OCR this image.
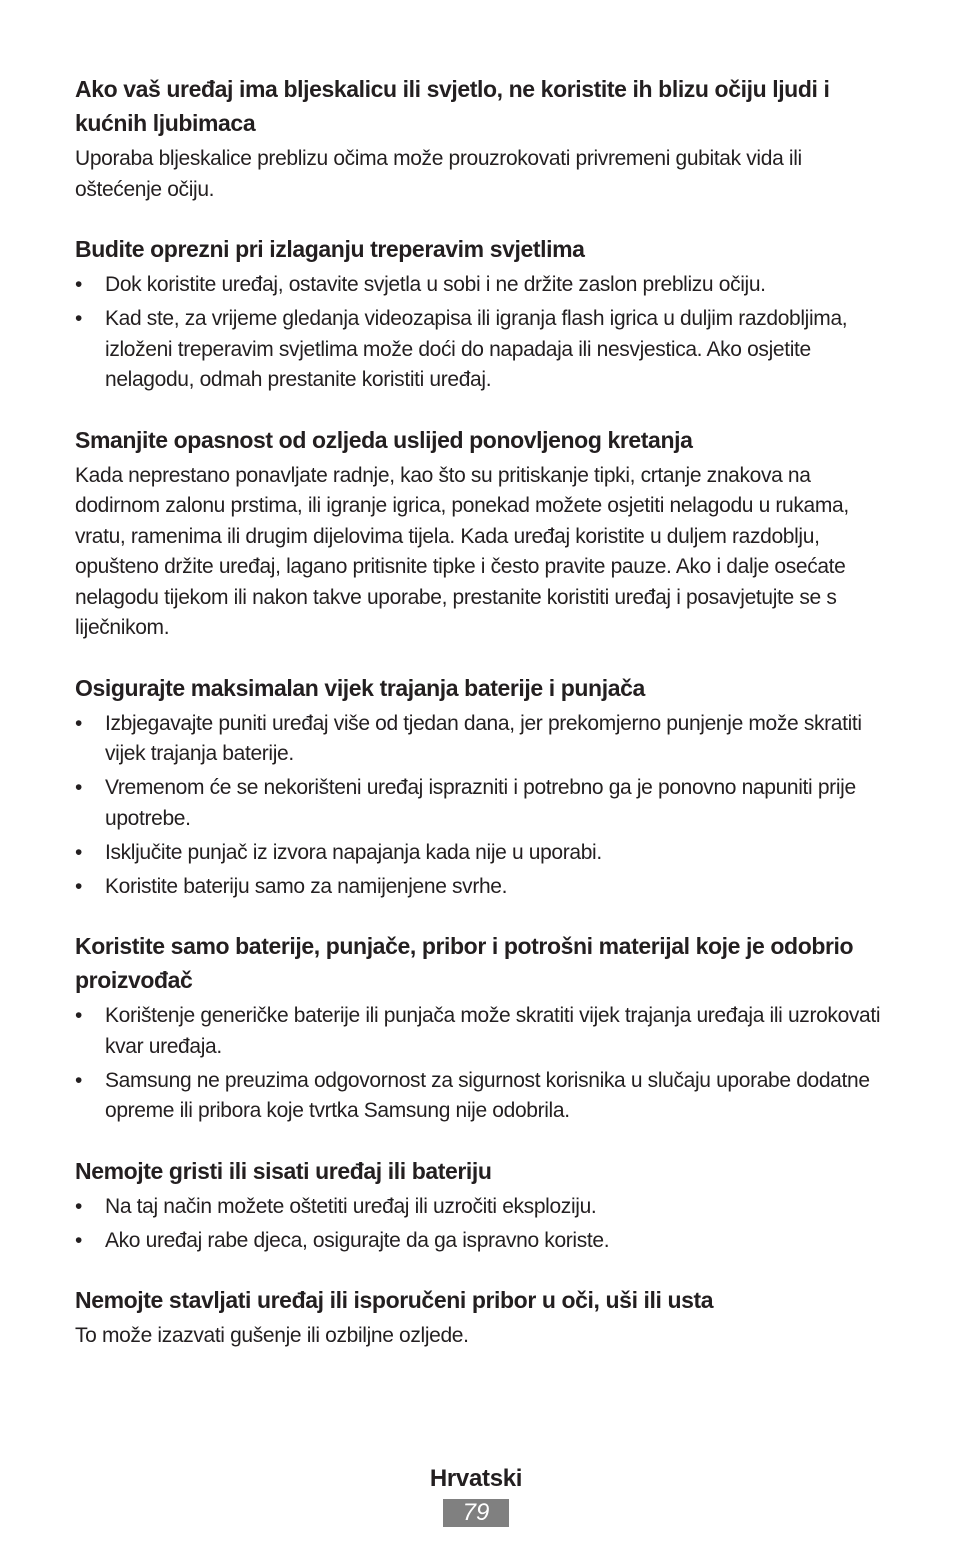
Ako vaš uređaj ima bljeskalicu ili svjetlo, ne koristite ih blizu očiju ljudi i kućnih ljubimaca

Uporaba bljeskalice preblizu očima može prouzrokovati privremeni gubitak vida ili oštećenje očiju.

Budite oprezni pri izlaganju treperavim svjetlima
•	Dok koristite uređaj, ostavite svjetla u sobi i ne držite zaslon preblizu očiju.
•	Kad ste, za vrijeme gledanja videozapisa ili igranja flash igrica u duljim razdobljima, izloženi treperavim svjetlima može doći do napadaja ili nesvjestica. Ako osjetite nelagodu, odmah prestanite koristiti uređaj.
Smanjite opasnost od ozljeda uslijed ponovljenog kretanja

Kada neprestano ponavljate radnje, kao što su pritiskanje tipki, crtanje znakova na dodirnom zalonu prstima, ili igranje igrica, ponekad možete osjetiti nelagodu u rukama, vratu, ramenima ili drugim dijelovima tijela. Kada uređaj koristite u duljem razdoblju, opušteno držite uređaj, lagano pritisnite tipke i često pravite pauze. Ako i dalje osećate nelagodu tijekom ili nakon takve uporabe, prestanite koristiti uređaj i posavjetujte se s liječnikom.

Osigurajte maksimalan vijek trajanja baterije i punjača
•	Izbjegavajte puniti uređaj više od tjedan dana, jer prekomjerno punjenje može skratiti vijek trajanja baterije.
•	Vremenom će se nekorišteni uređaj isprazniti i potrebno ga je ponovno napuniti prije upotrebe.
•	Isključite punjač iz izvora napajanja kada nije u uporabi.
•	Koristite bateriju samo za namijenjene svrhe.
Koristite samo baterije, punjače, pribor i potrošni materijal koje je odobrio proizvođač
•	Korištenje generičke baterije ili punjača može skratiti vijek trajanja uređaja ili uzrokovati kvar uređaja.
•	Samsung ne preuzima odgovornost za sigurnost korisnika u slučaju uporabe dodatne opreme ili pribora koje tvrtka Samsung nije odobrila.
Nemojte gristi ili sisati uređaj ili bateriju
•	Na taj način možete oštetiti uređaj ili uzročiti eksploziju.
•	Ako uređaj rabe djeca, osigurajte da ga ispravno koriste.
Nemojte stavljati uređaj ili isporučeni pribor u oči, uši ili usta

To može izazvati gušenje ili ozbiljne ozljede.

Hrvatski
79
